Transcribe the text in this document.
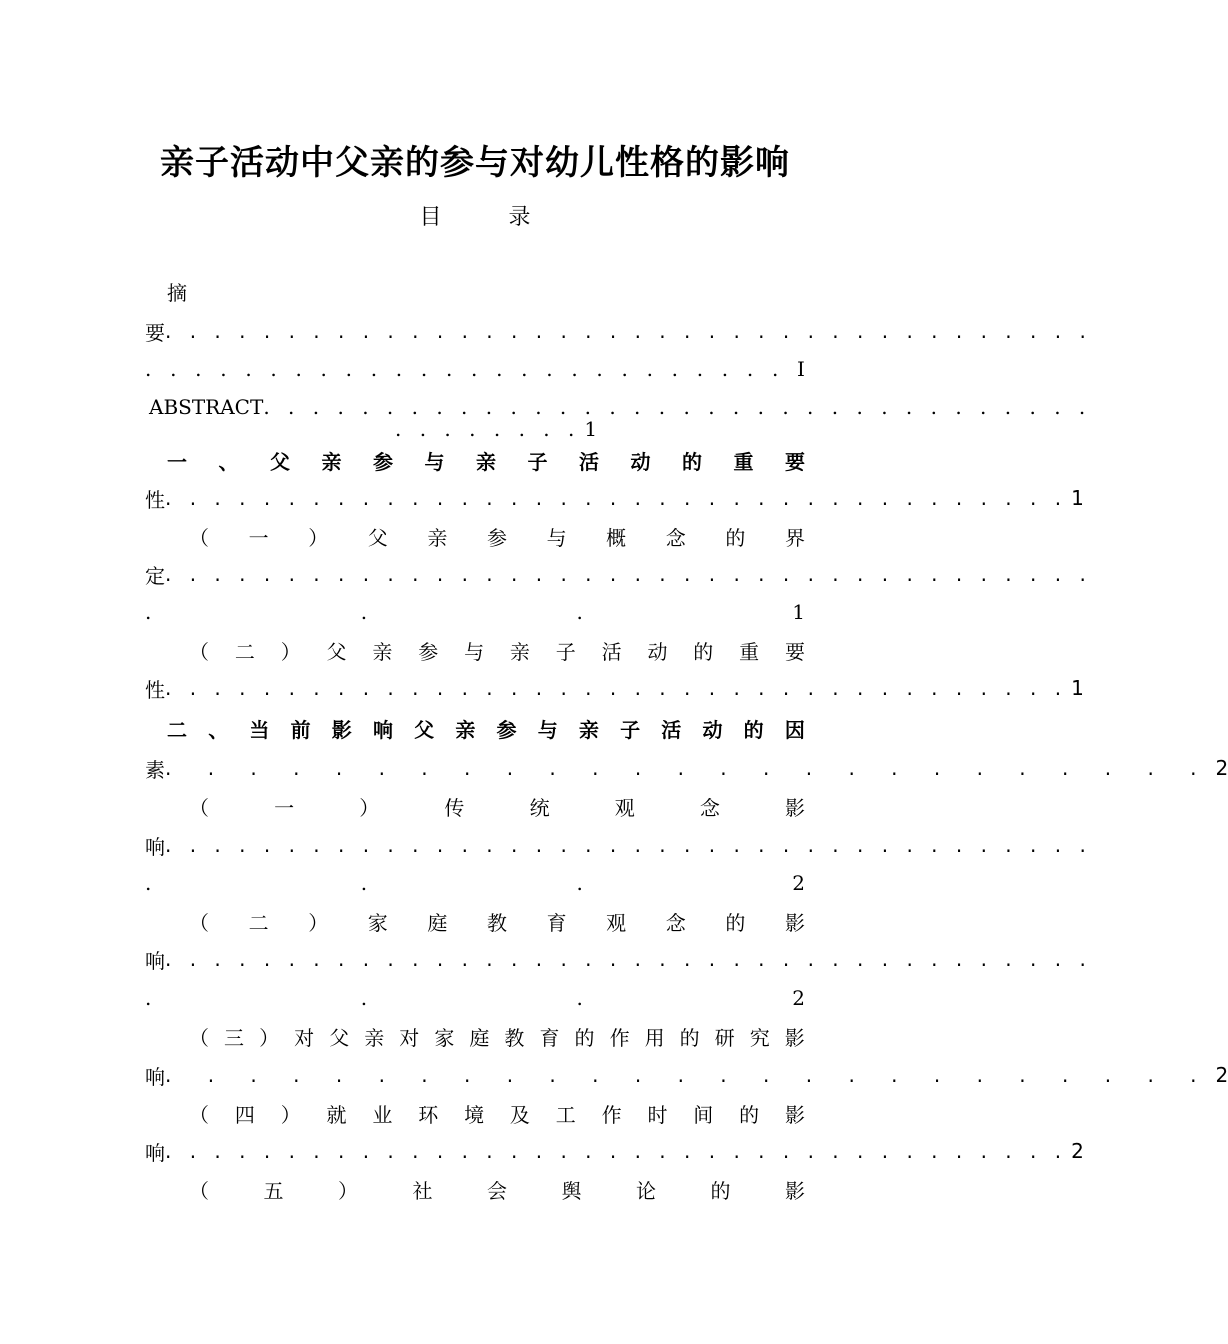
亲子活动中父亲的参与对幼儿性格的影响
目 录
摘
要 . . . . . . . . . . . . . . . . . . . . . . . . . . . . . . . . . . . . . .
. . . . . . . . . . . . . . . . . . . . . . . . . . I
ABSTRACT . . . . . . . . . . . . . . . . . . . . . . . . . . . . . . . . . .
. . . . . . . . 1
一 、 父 亲 参 与 亲 子 活 动 的 重 要
性 . . . . . . . . . . . . . . . . . . . . . . . . . . . . . . . . . . . . . 1
（ 一 ） 父 亲 参 与 概 念 的 界
定 . . . . . . . . . . . . . . . . . . . . . . . . . . . . . . . . . . . . . .
.	.	.	1
（ 二 ） 父 亲 参 与 亲 子 活 动 的 重 要
性 . . . . . . . . . . . . . . . . . . . . . . . . . . . . . . . . . . . . . 1
二 、 当 前 影 响 父 亲 参 与 亲 子 活 动 的 因
素 . . . . . . . . . . . . . . . . . . . . . . . . . 2
（	一	）	传	统	观	念	影
响 . . . . . . . . . . . . . . . . . . . . . . . . . . . . . . . . . . . . . .
.	.	.	2
（ 二 ） 家 庭 教 育 观 念 的 影
响 . . . . . . . . . . . . . . . . . . . . . . . . . . . . . . . . . . . . . .
.	.	.	2
（ 三 ） 对 父 亲 对 家 庭 教 育 的 作 用 的 研 究 影
响 . . . . . . . . . . . . . . . . . . . . . . . . . 2
（ 四 ） 就 业 环 境 及 工 作 时 间 的 影
响 . . . . . . . . . . . . . . . . . . . . . . . . . . . . . . . . . . . . . 2
（	五	）	社	会	舆	论	的	影
